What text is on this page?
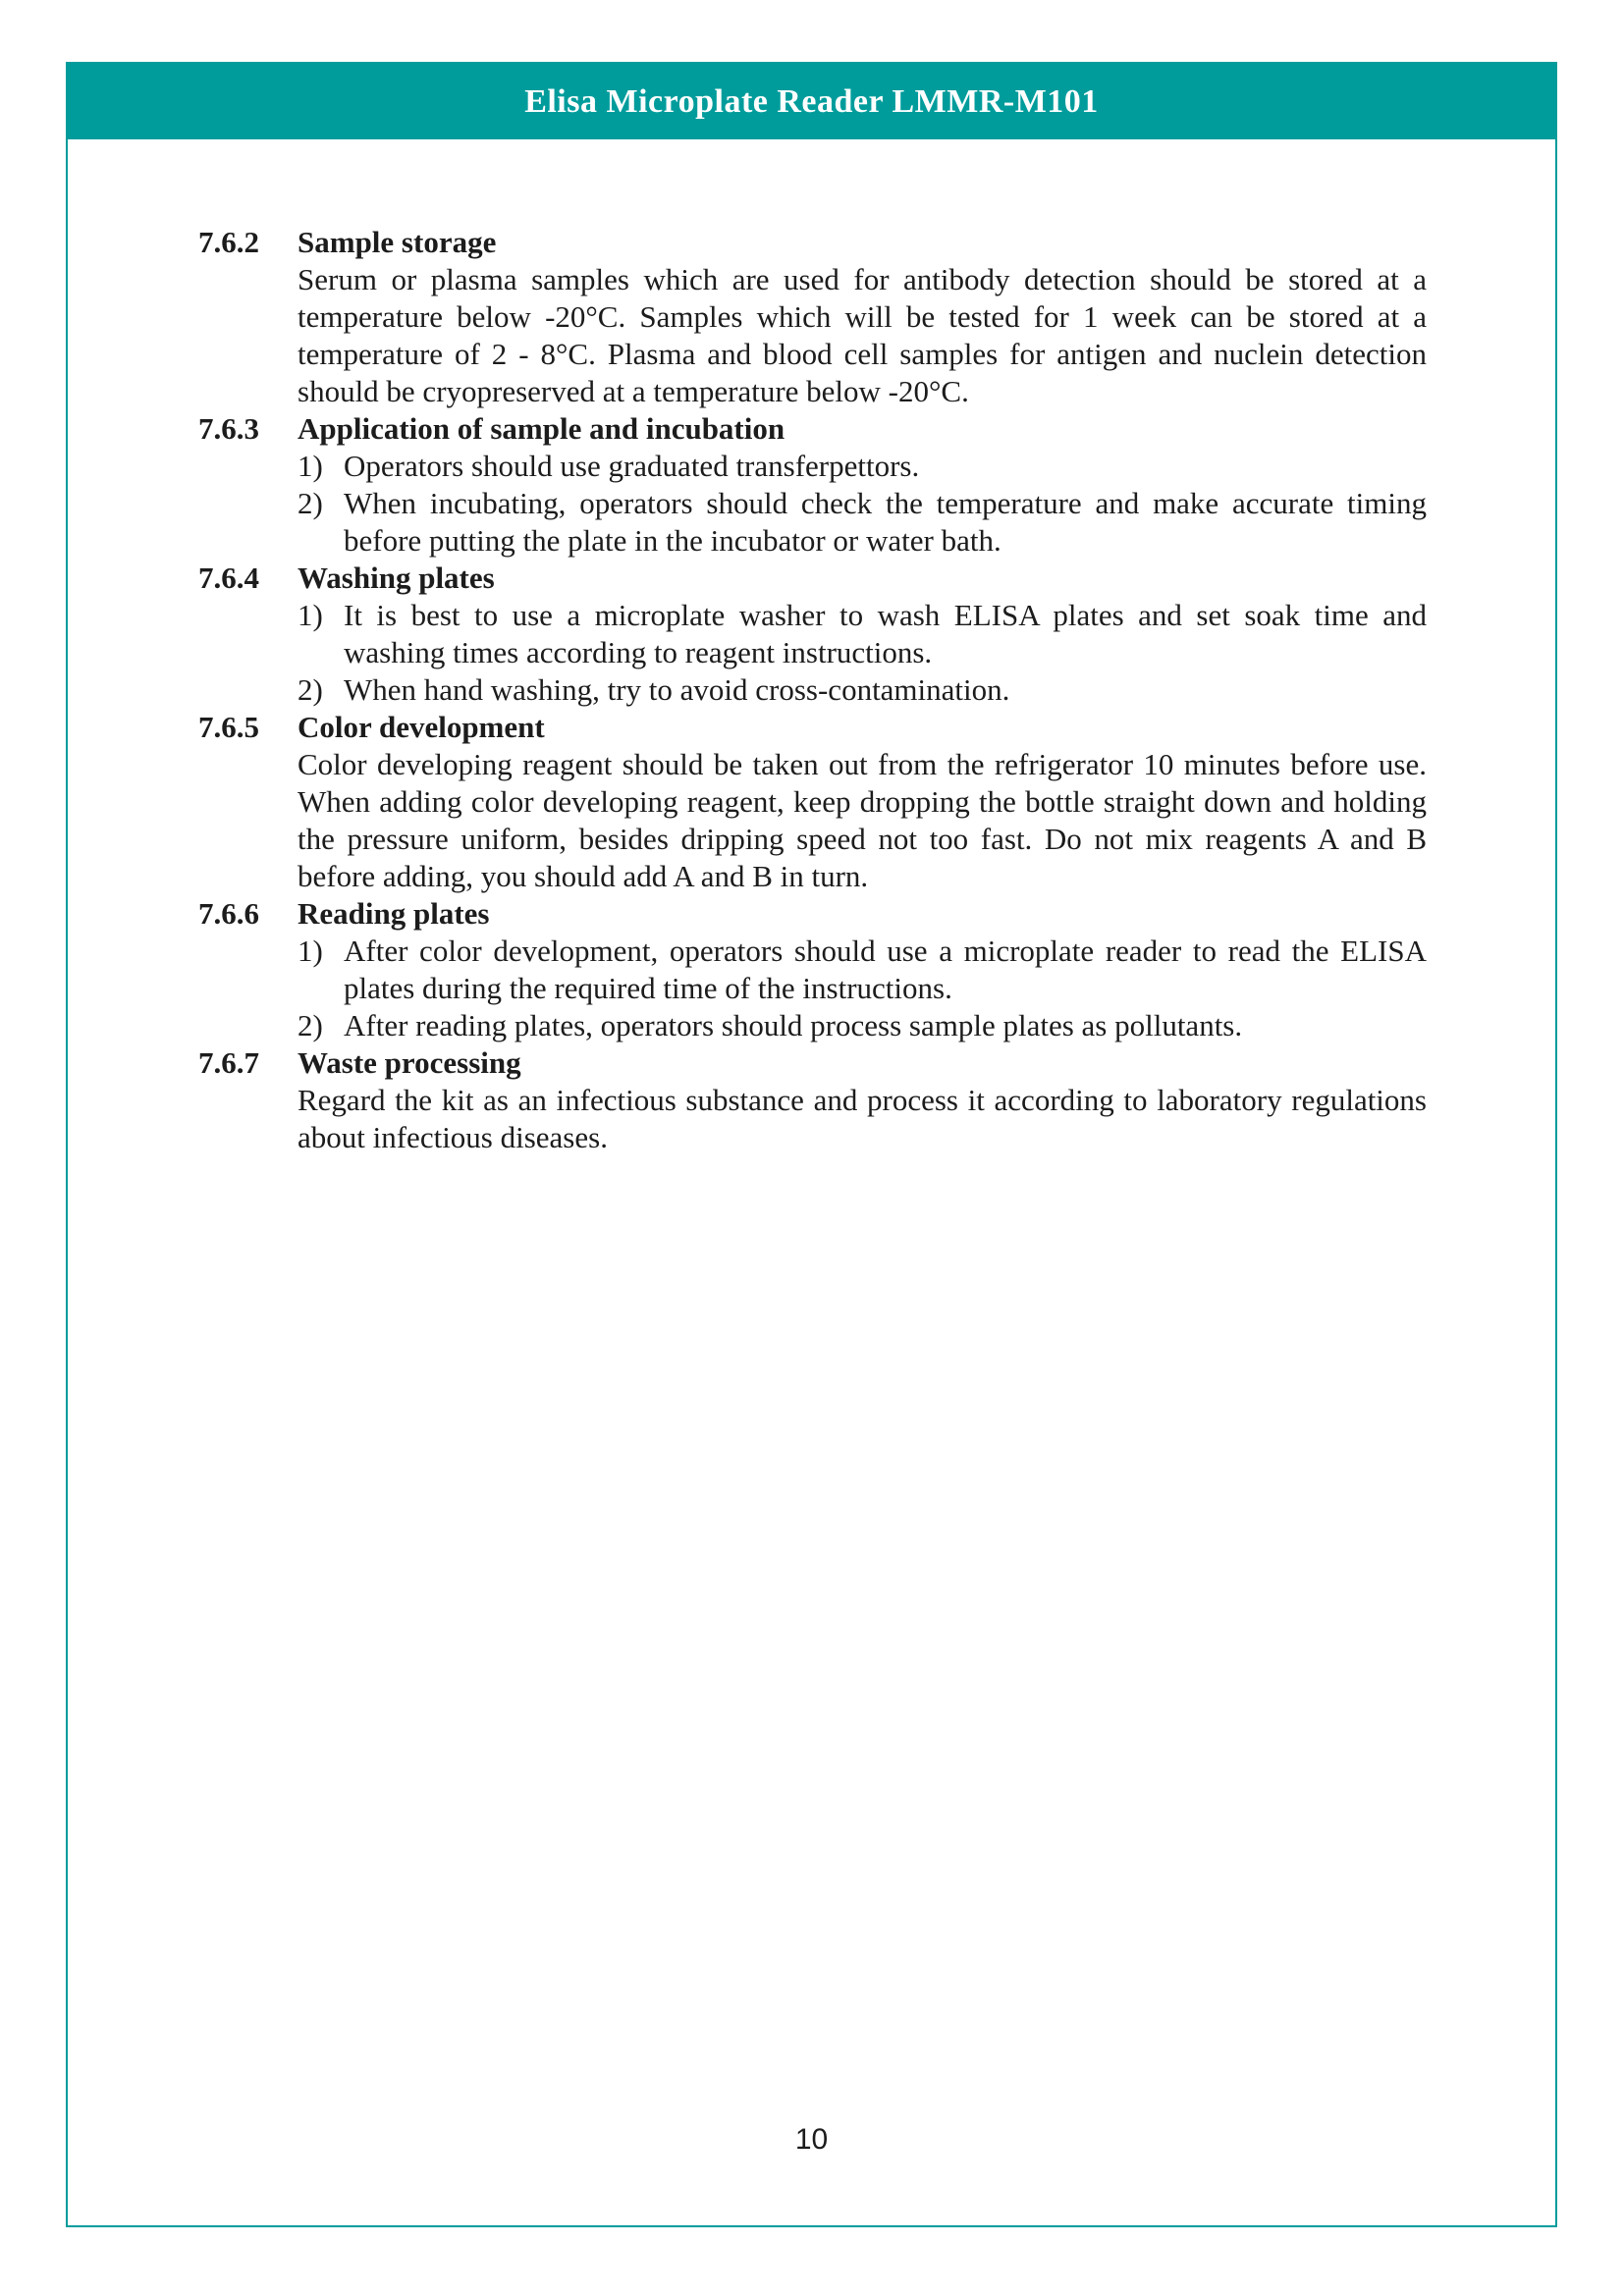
Elisa Microplate Reader LMMR-M101
7.6.2	Sample storage

Serum or plasma samples which are used for antibody detection should be stored at a temperature below -20°C. Samples which will be tested for 1 week can be stored at a temperature of 2 - 8°C. Plasma and blood cell samples for antigen and nuclein detection should be cryopreserved at a temperature below -20°C.

7.6.3	Application of sample and incubation
1) Operators should use graduated transferpettors.
2) When incubating, operators should check the temperature and make accurate timing before putting the plate in the incubator or water bath.
7.6.4	Washing plates
1) It is best to use a microplate washer to wash ELISA plates and set soak time and washing times according to reagent instructions.
2) When hand washing, try to avoid cross-contamination.
7.6.5	Color development

Color developing reagent should be taken out from the refrigerator 10 minutes before use. When adding color developing reagent, keep dropping the bottle straight down and holding the pressure uniform, besides dripping speed not too fast. Do not mix reagents A and B before adding, you should add A and B in turn.

7.6.6	Reading plates
1) After color development, operators should use a microplate reader to read the ELISA plates during the required time of the instructions.
2) After reading plates, operators should process sample plates as pollutants.
7.6.7	Waste processing

Regard the kit as an infectious substance and process it according to laboratory regulations about infectious diseases.

10
